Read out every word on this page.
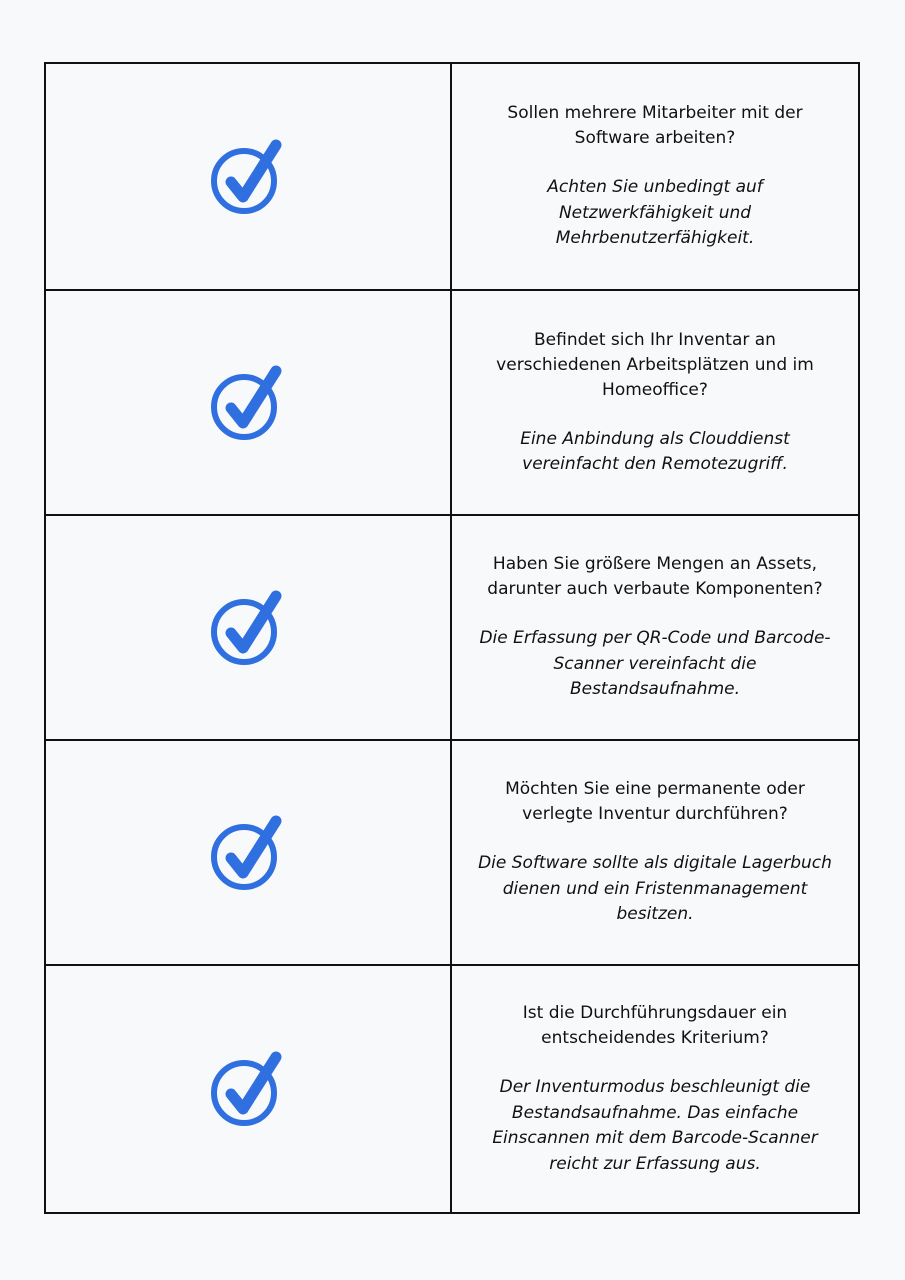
Sollen mehrere Mitarbeiter mit der
Software arbeiten?

Achten Sie unbedingt auf
Netzwerkfähigkeit und
Mehrbenutzerfähigkeit.

Befindet sich Ihr Inventar an
verschiedenen Arbeitsplätzen und im
Homeoffice?

Eine Anbindung als Clouddienst
vereinfacht den Remotezugriff.

Haben Sie größere Mengen an Assets,
darunter auch verbaute Komponenten?

Die Erfassung per QR-Code und Barcode-
Scanner vereinfacht die
Bestandsaufnahme.

Möchten Sie eine permanente oder
verlegte Inventur durchführen?

Die Software sollte als digitale Lagerbuch
dienen und ein Fristenmanagement
besitzen.

Ist die Durchführungsdauer ein
entscheidendes Kriterium?

Der Inventurmodus beschleunigt die
Bestandsaufnahme. Das einfache
Einscannen mit dem Barcode-Scanner
reicht zur Erfassung aus.
